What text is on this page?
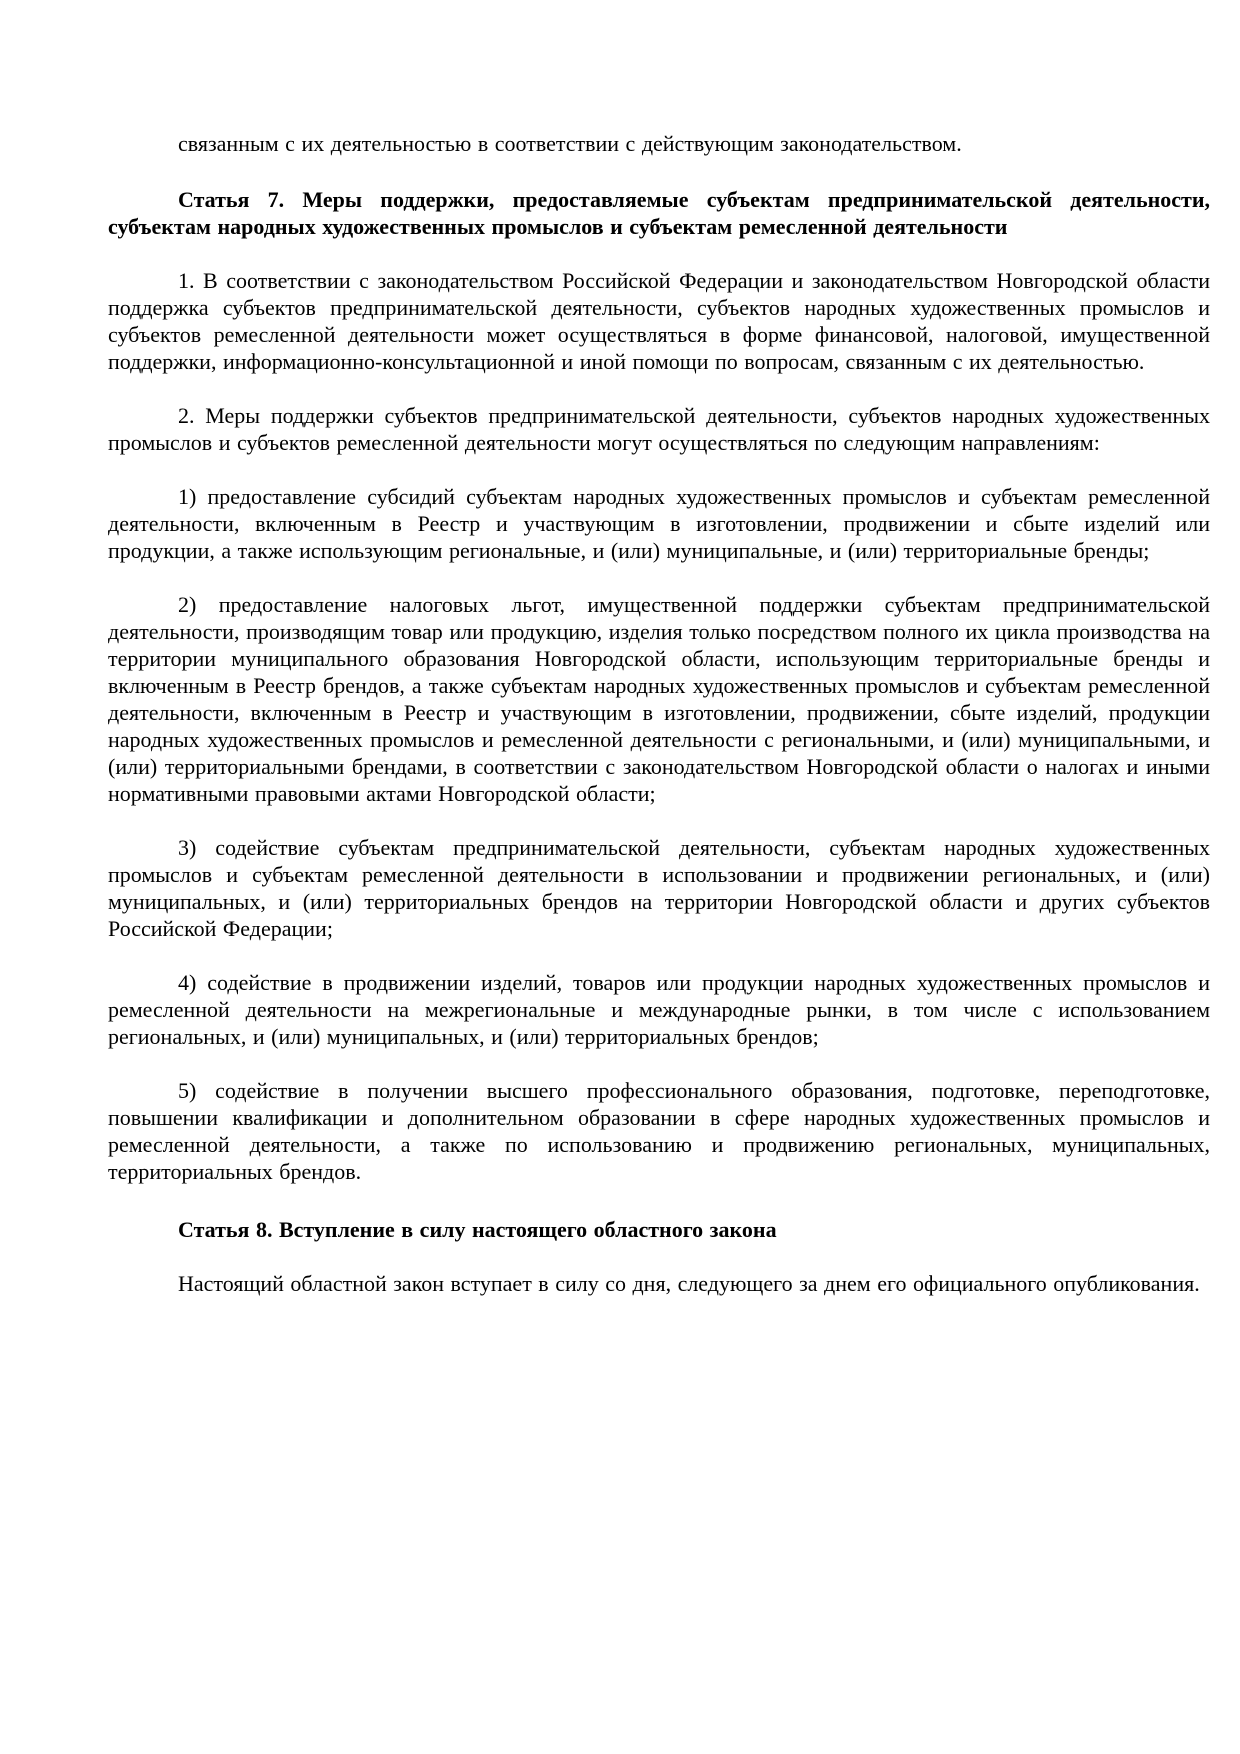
связанным с их деятельностью в соответствии с действующим законодательством.

Статья 7. Меры поддержки, предоставляемые субъектам предпринимательской деятельности, субъектам народных художественных промыслов и субъектам ремесленной деятельности

1. В соответствии с законодательством Российской Федерации и законодательством Новгородской области поддержка субъектов предпринимательской деятельности, субъектов народных художественных промыслов и субъектов ремесленной деятельности может осуществляться в форме финансовой, налоговой, имущественной поддержки, информационно-консультационной и иной помощи по вопросам, связанным с их деятельностью.

2. Меры поддержки субъектов предпринимательской деятельности, субъектов народных художественных промыслов и субъектов ремесленной деятельности могут осуществляться по следующим направлениям:

1) предоставление субсидий субъектам народных художественных промыслов и субъектам ремесленной деятельности, включенным в Реестр и участвующим в изготовлении, продвижении и сбыте изделий или продукции, а также использующим региональные, и (или) муниципальные, и (или) территориальные бренды;

2) предоставление налоговых льгот, имущественной поддержки субъектам предпринимательской деятельности, производящим товар или продукцию, изделия только посредством полного их цикла производства на территории муниципального образования Новгородской области, использующим территориальные бренды и включенным в Реестр брендов, а также субъектам народных художественных промыслов и субъектам ремесленной деятельности, включенным в Реестр и участвующим в изготовлении, продвижении, сбыте изделий, продукции народных художественных промыслов и ремесленной деятельности с региональными, и (или) муниципальными, и (или) территориальными брендами, в соответствии с законодательством Новгородской области о налогах и иными нормативными правовыми актами Новгородской области;

3) содействие субъектам предпринимательской деятельности, субъектам народных художественных промыслов и субъектам ремесленной деятельности в использовании и продвижении региональных, и (или) муниципальных, и (или) территориальных брендов на территории Новгородской области и других субъектов Российской Федерации;

4) содействие в продвижении изделий, товаров или продукции народных художественных промыслов и ремесленной деятельности на межрегиональные и международные рынки, в том числе с использованием региональных, и (или) муниципальных, и (или) территориальных брендов;

5) содействие в получении высшего профессионального образования, подготовке, переподготовке, повышении квалификации и дополнительном образовании в сфере народных художественных промыслов и ремесленной деятельности, а также по использованию и продвижению региональных, муниципальных, территориальных брендов.

Статья 8. Вступление в силу настоящего областного закона

Настоящий областной закон вступает в силу со дня, следующего за днем его официального опубликования.
